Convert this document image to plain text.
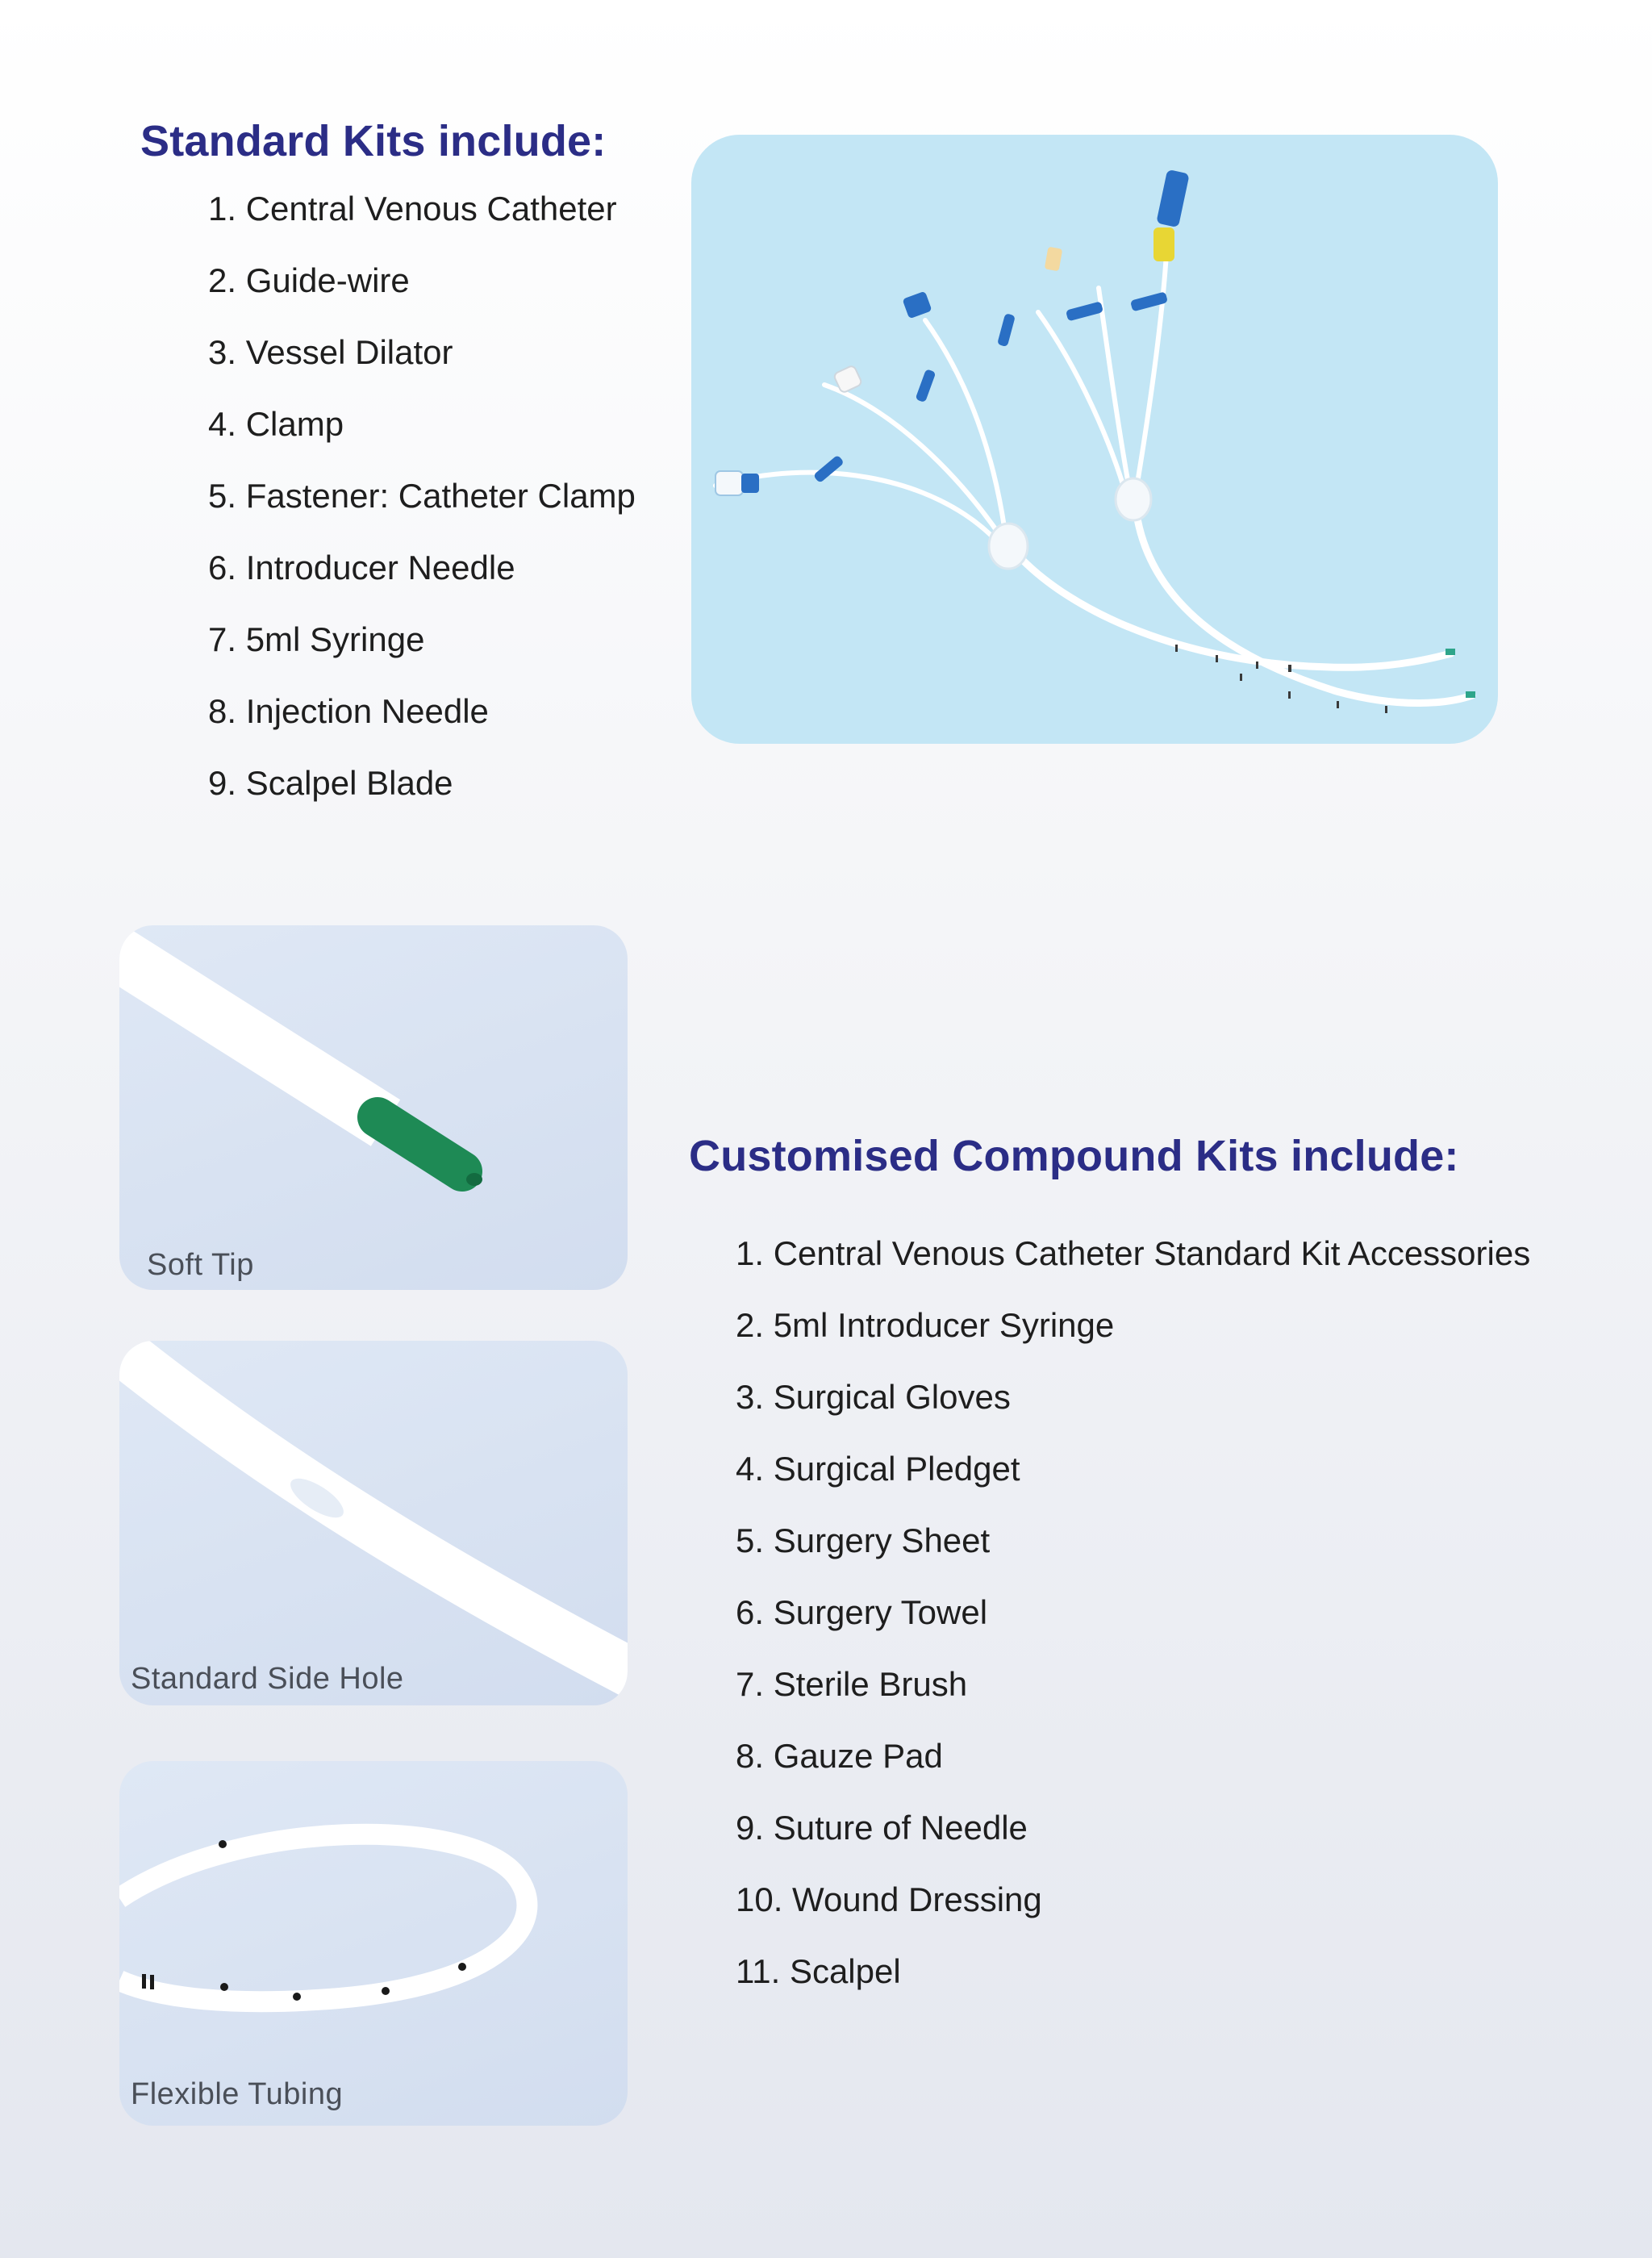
Standard Kits include:
1. Central Venous Catheter
2. Guide-wire
3. Vessel Dilator
4. Clamp
5. Fastener: Catheter Clamp
6. Introducer Needle
7. 5ml Syringe
8. Injection Needle
9. Scalpel Blade
Soft Tip
Standard Side Hole
Flexible Tubing
Customised Compound Kits include:
1. Central Venous Catheter Standard Kit Accessories
2. 5ml Introducer Syringe
3. Surgical Gloves
4. Surgical Pledget
5. Surgery Sheet
6. Surgery Towel
7. Sterile Brush
8. Gauze Pad
9. Suture of Needle
10. Wound Dressing
11. Scalpel
